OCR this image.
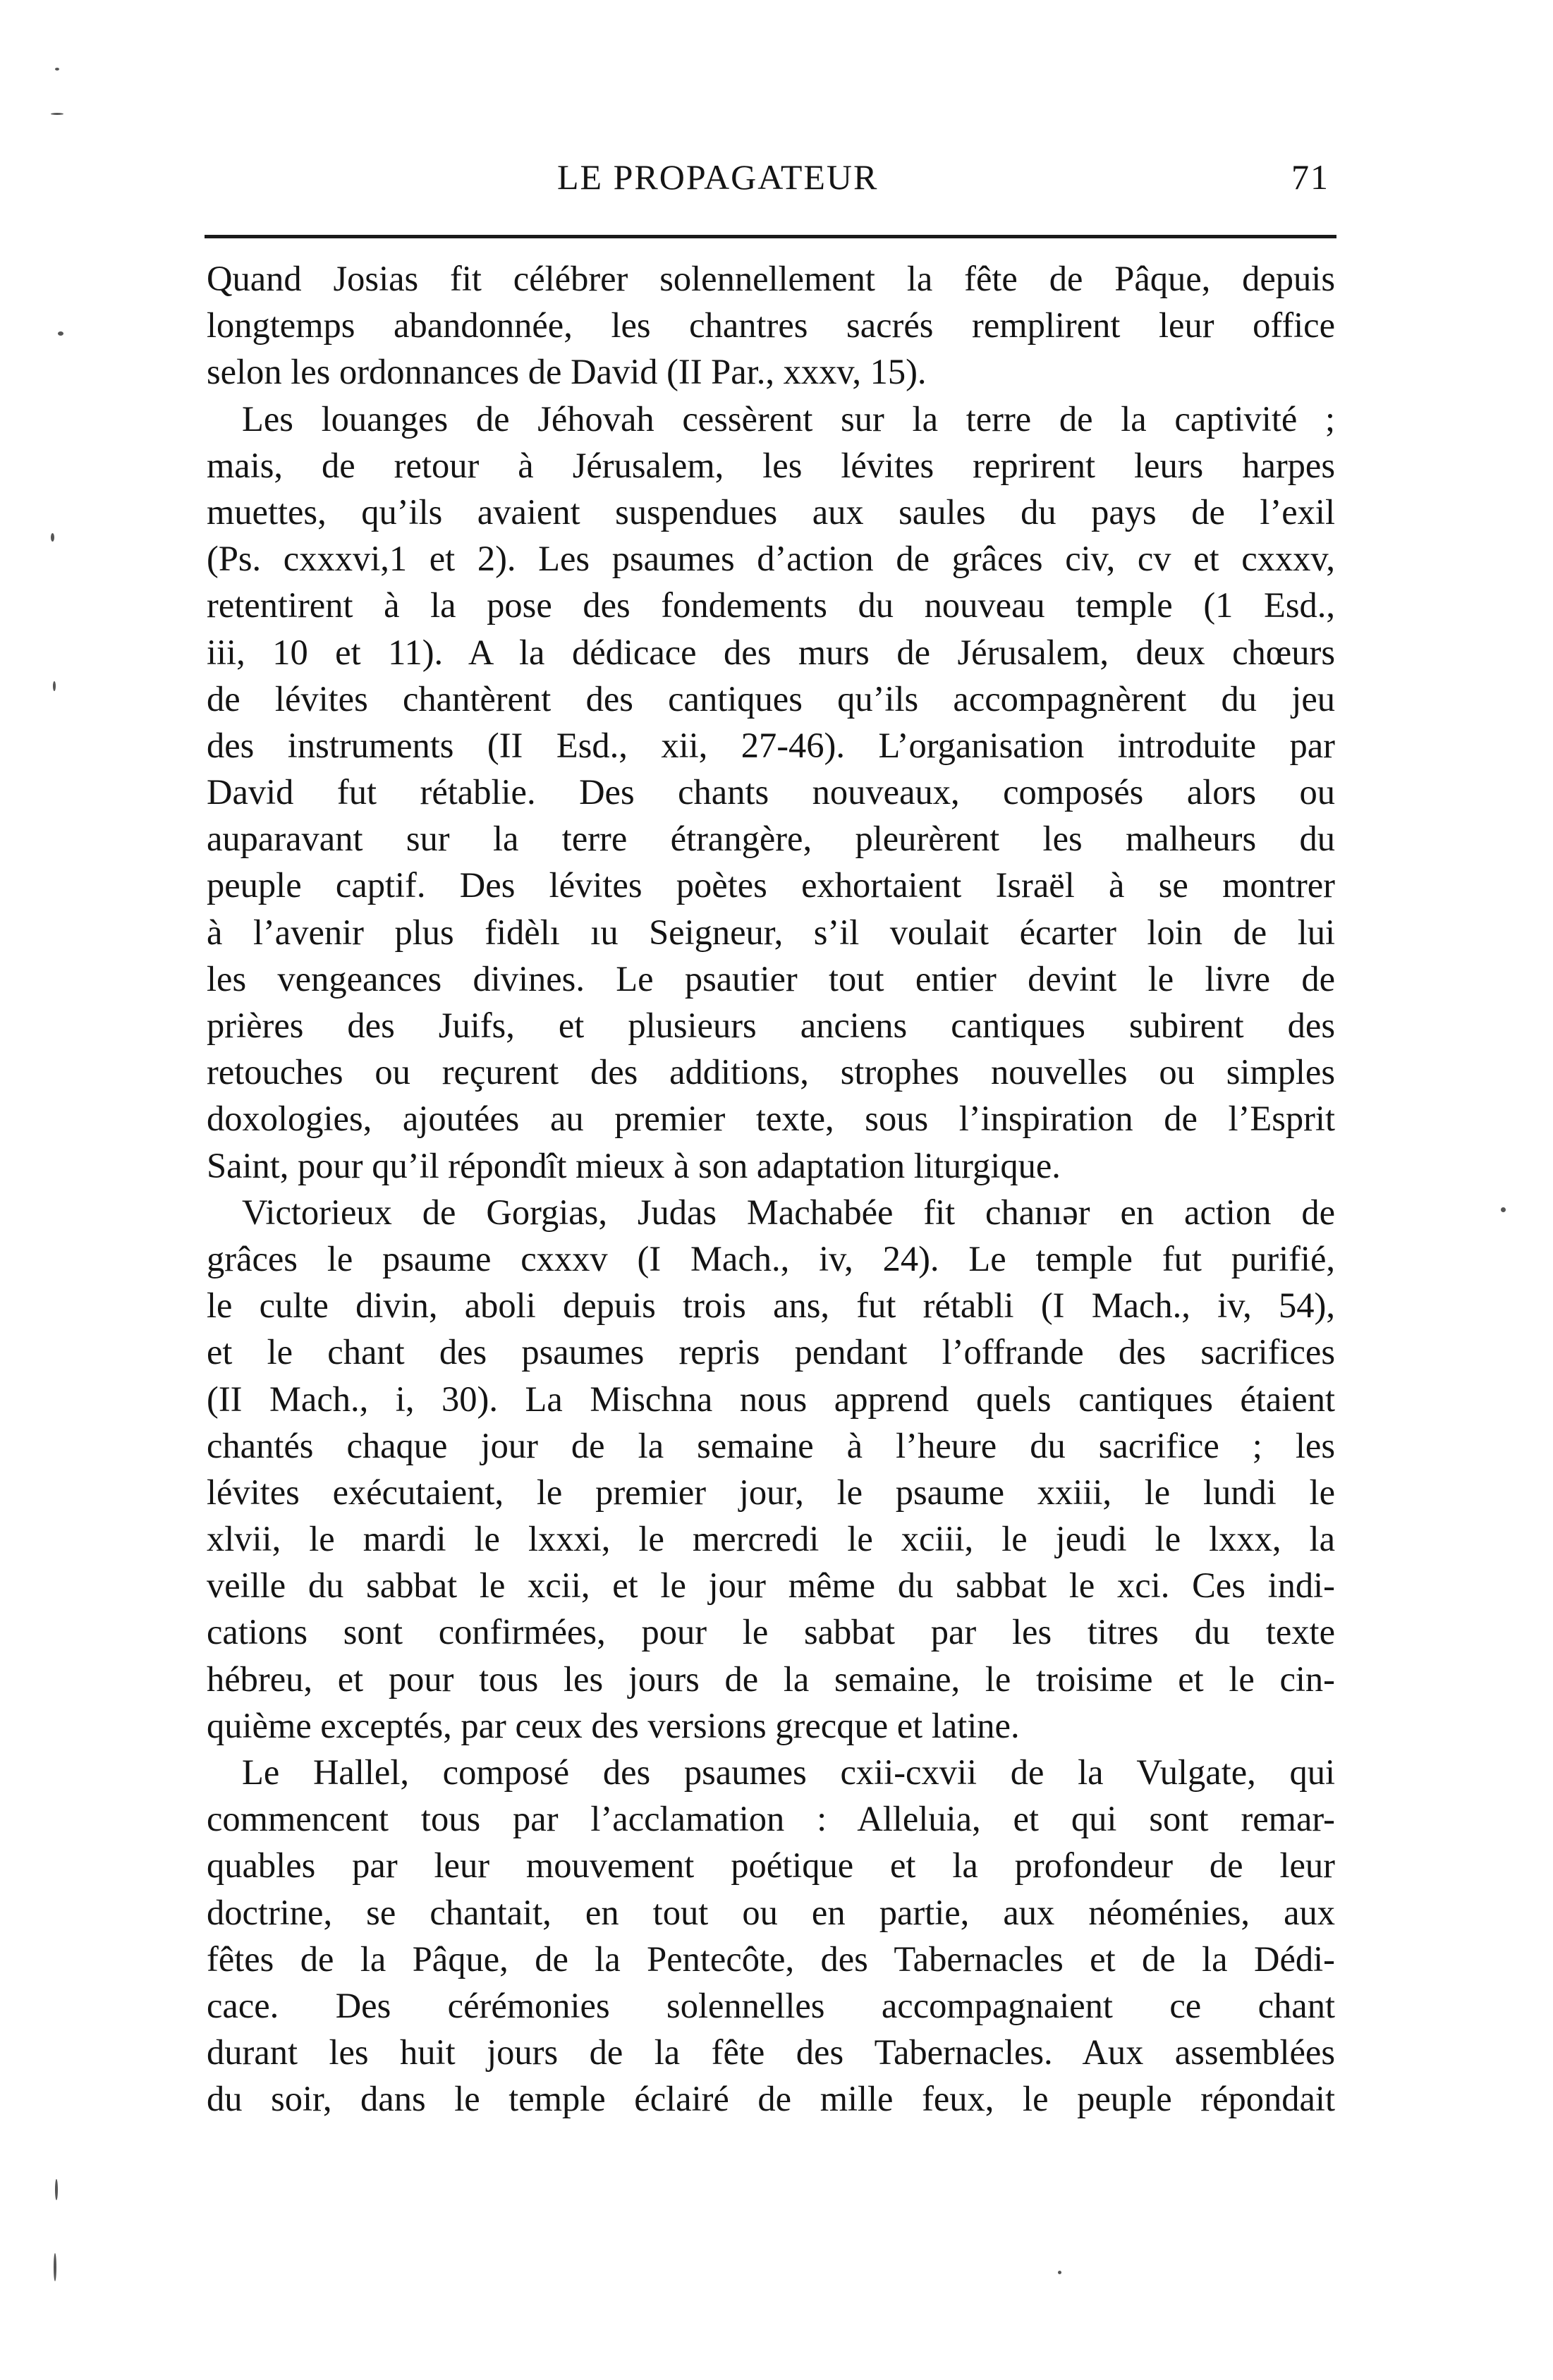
LE PROPAGATEUR	71
Quand Josias fit célébrer solennellement la fête de Pâque, depuis
longtemps abandonnée, les chantres sacrés remplirent leur office
selon les ordonnances de David (II Par., xxxv, 15).
Les louanges de Jéhovah cessèrent sur la terre de la captivité ;
mais, de retour à Jérusalem, les lévites reprirent leurs harpes
muettes, qu’ils avaient suspendues aux saules du pays de l’exil
(Ps. cxxxvi,1 et 2). Les psaumes d’action de grâces civ, cv et cxxxv,
retentirent à la pose des fondements du nouveau temple (1 Esd.,
iii, 10 et 11). A la dédicace des murs de Jérusalem, deux chœurs
de lévites chantèrent des cantiques qu’ils accompagnèrent du jeu
des instruments (II Esd., xii, 27-46). L’organisation introduite par
David fut rétablie. Des chants nouveaux, composés alors ou
auparavant sur la terre étrangère, pleurèrent les malheurs du
peuple captif. Des lévites poètes exhortaient Israël à se montrer
à l’avenir plus fidèlı ıu Seigneur, s’il voulait écarter loin de lui
les vengeances divines. Le psautier tout entier devint le livre de
prières des Juifs, et plusieurs anciens cantiques subirent des
retouches ou reçurent des additions, strophes nouvelles ou simples
doxologies, ajoutées au premier texte, sous l’inspiration de l’Esprit
Saint, pour qu’il répondît mieux à son adaptation liturgique.
Victorieux de Gorgias, Judas Machabée fit chanıər en action de
grâces le psaume cxxxv (I Mach., iv, 24). Le temple fut purifié,
le culte divin, aboli depuis trois ans, fut rétabli (I Mach., iv, 54),
et le chant des psaumes repris pendant l’offrande des sacrifices
(II Mach., i, 30). La Mischna nous apprend quels cantiques étaient
chantés chaque jour de la semaine à l’heure du sacrifice ; les
lévites exécutaient, le premier jour, le psaume xxiii, le lundi le
xlvii, le mardi le lxxxi, le mercredi le xciii, le jeudi le lxxx, la
veille du sabbat le xcii, et le jour même du sabbat le xci. Ces indi-
cations sont confirmées, pour le sabbat par les titres du texte
hébreu, et pour tous les jours de la semaine, le troisime et le cin-
quième exceptés, par ceux des versions grecque et latine.
Le Hallel, composé des psaumes cxii-cxvii de la Vulgate, qui
commencent tous par l’acclamation : Alleluia, et qui sont remar-
quables par leur mouvement poétique et la profondeur de leur
doctrine, se chantait, en tout ou en partie, aux néoménies, aux
fêtes de la Pâque, de la Pentecôte, des Tabernacles et de la Dédi-
cace. Des cérémonies solennelles accompagnaient ce chant
durant les huit jours de la fête des Tabernacles. Aux assemblées
du soir, dans le temple éclairé de mille feux, le peuple répondait
